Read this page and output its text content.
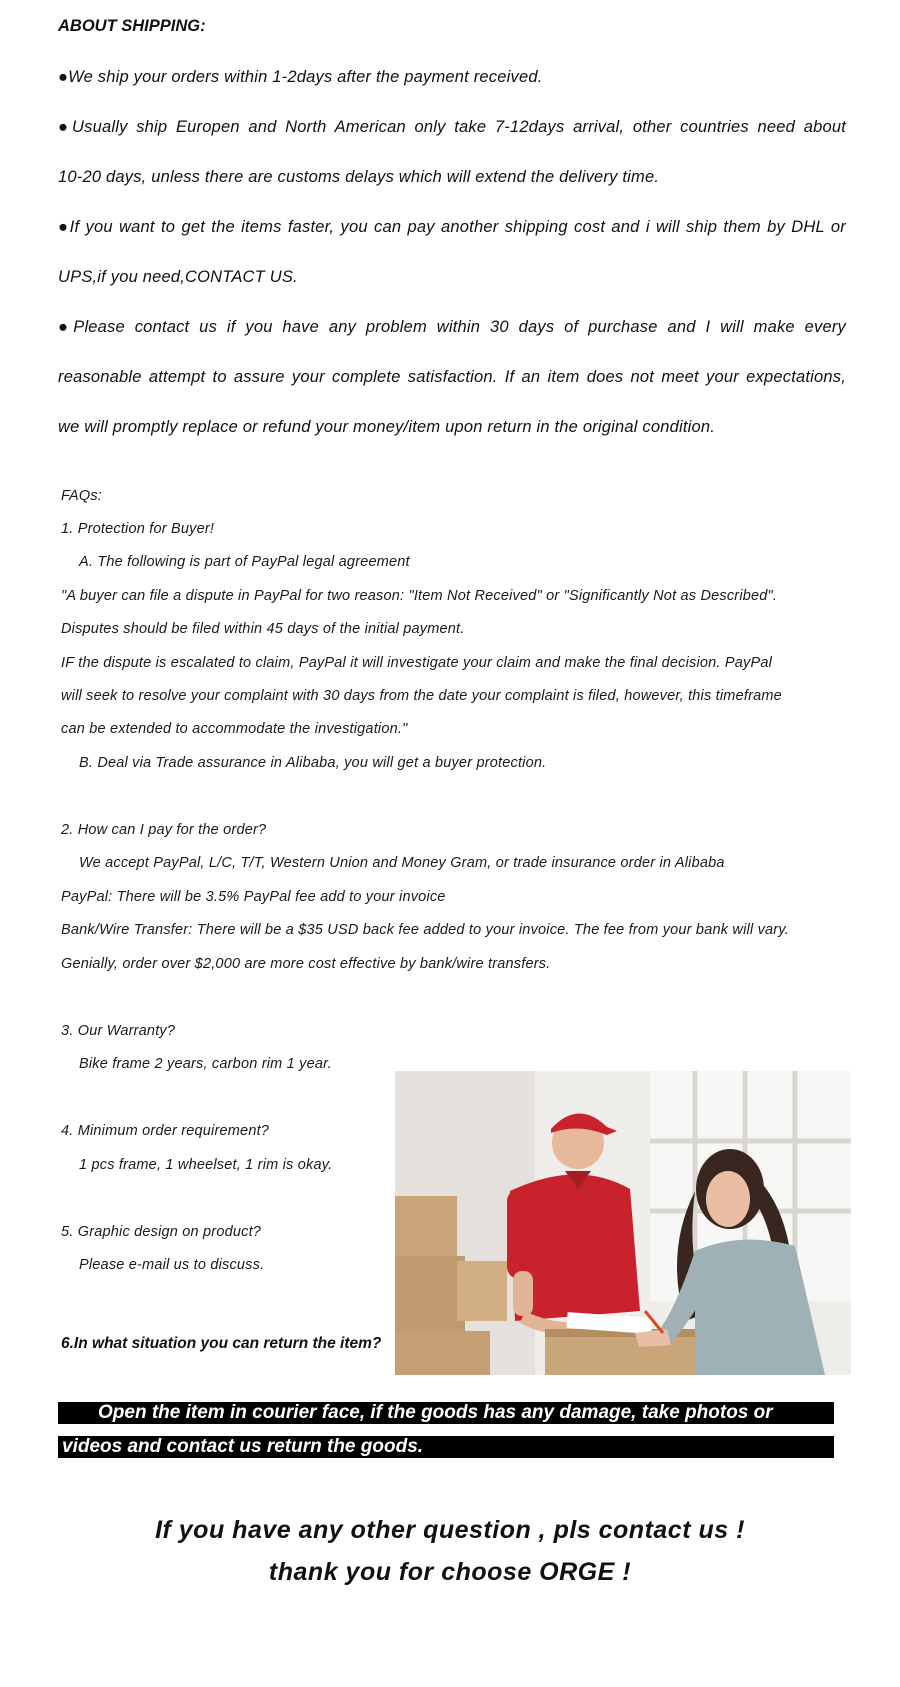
ABOUT SHIPPING:
●We ship your orders within 1-2days after the payment received.
●Usually ship Europen and North American only take 7-12days arrival, other countries need about
10-20 days, unless there are customs delays which will extend the delivery time.
●If you want to get the items faster, you can pay another shipping cost and i will ship them by DHL or
UPS,if you need,CONTACT US.
●Please contact us if you have any problem within 30 days of purchase and I will make every
reasonable attempt to assure your complete satisfaction. If an item does not meet your expectations,
we will promptly replace or refund your money/item upon return in the original condition.
FAQs:
1. Protection for Buyer!
A. The following is part of PayPal legal agreement
"A buyer can file a dispute in PayPal for two reason: "Item Not Received" or "Significantly Not as Described".
Disputes should be filed within 45 days of the initial payment.
IF the dispute is escalated to claim, PayPal it will investigate your claim and make the final decision. PayPal
will seek to resolve your complaint with 30 days from the date your complaint is filed, however, this timeframe
can be extended to accommodate the investigation."
B. Deal via Trade assurance in Alibaba, you will get a buyer protection.
2. How can I pay for the order?
We accept PayPal, L/C, T/T, Western Union and Money Gram, or trade insurance order in Alibaba
PayPal: There will be 3.5% PayPal fee add to your invoice
Bank/Wire Transfer: There will be a $35 USD back fee added to your invoice. The fee from your bank will vary.
Genially, order over $2,000 are more cost effective by bank/wire transfers.
3. Our Warranty?
Bike frame 2 years, carbon rim 1 year.
4. Minimum order requirement?
1 pcs frame, 1 wheelset, 1 rim is okay.
5. Graphic design on product?
Please e-mail us to discuss.
6.In what situation you can return the item?
Open the item in courier face, if the goods has any damage, take photos or
videos and contact us return the goods.
If you have any other question , pls contact us !
thank you for choose ORGE !
